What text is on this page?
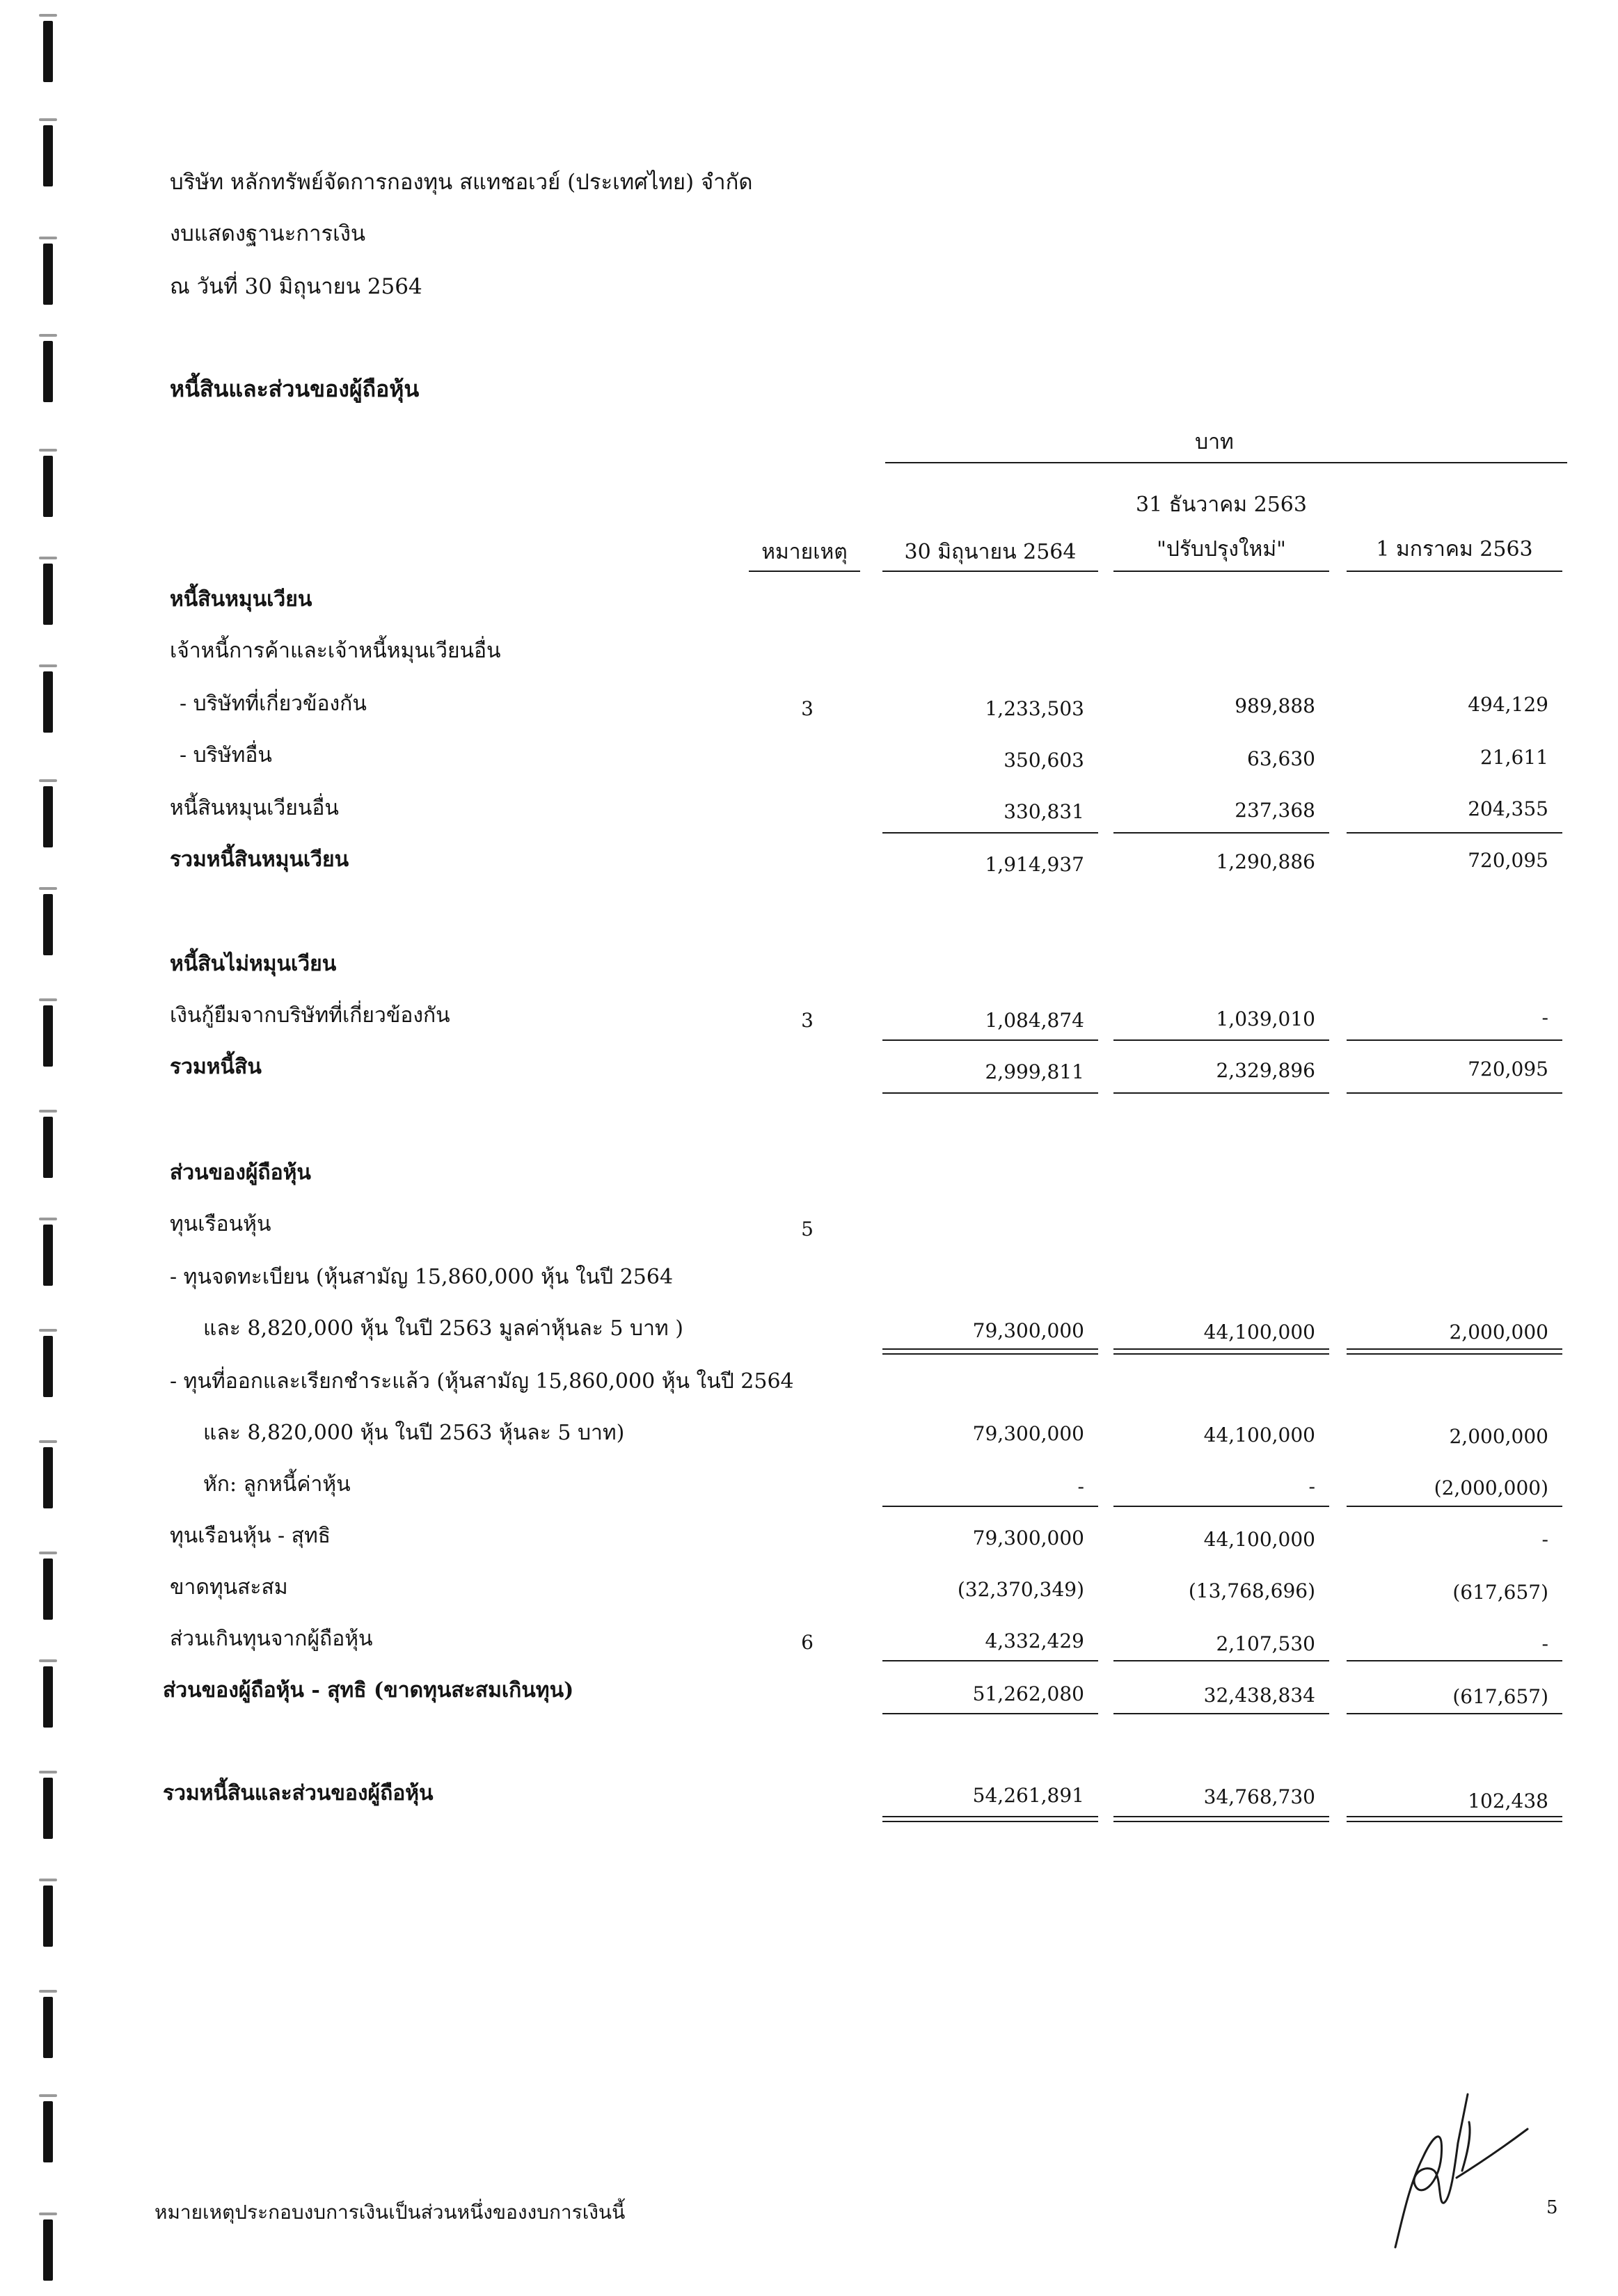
บริษัท หลักทรัพย์จัดการกองทุน สแทชอเวย์ (ประเทศไทย) จำกัด
งบแสดงฐานะการเงิน
ณ วันที่ 30 มิถุนายน 2564
หนี้สินและส่วนของผู้ถือหุ้น
บาท
หมายเหตุ	30 มิถุนายน 2564
31 ธันวาคม 2563
"ปรับปรุงใหม่"	1 มกราคม 2563
หนี้สินหมุนเวียน
เจ้าหนี้การค้าและเจ้าหนี้หมุนเวียนอื่น
- บริษัทที่เกี่ยวข้องกัน	3	1,233,503	989,888	494,129
- บริษัทอื่น	350,603	63,630	21,611
หนี้สินหมุนเวียนอื่น	330,831	237,368	204,355
รวมหนี้สินหมุนเวียน	1,914,937	1,290,886	720,095
หนี้สินไม่หมุนเวียน
เงินกู้ยืมจากบริษัทที่เกี่ยวข้องกัน	3	1,084,874	1,039,010	-
รวมหนี้สิน	2,999,811	2,329,896	720,095
ส่วนของผู้ถือหุ้น
ทุนเรือนหุ้น	5
- ทุนจดทะเบียน (หุ้นสามัญ 15,860,000 หุ้น ในปี 2564
และ 8,820,000 หุ้น ในปี 2563 มูลค่าหุ้นละ 5 บาท )	79,300,000	44,100,000	2,000,000
- ทุนที่ออกและเรียกชำระแล้ว (หุ้นสามัญ 15,860,000 หุ้น ในปี 2564
และ 8,820,000 หุ้น ในปี 2563 หุ้นละ 5 บาท)	79,300,000	44,100,000	2,000,000
หัก: ลูกหนี้ค่าหุ้น	-	-	(2,000,000)
ทุนเรือนหุ้น - สุทธิ	79,300,000	44,100,000	-
ขาดทุนสะสม	(32,370,349)	(13,768,696)	(617,657)
ส่วนเกินทุนจากผู้ถือหุ้น	6	4,332,429	2,107,530	-
ส่วนของผู้ถือหุ้น - สุทธิ (ขาดทุนสะสมเกินทุน)	51,262,080	32,438,834	(617,657)
รวมหนี้สินและส่วนของผู้ถือหุ้น	54,261,891	34,768,730	102,438
หมายเหตุประกอบงบการเงินเป็นส่วนหนึ่งของงบการเงินนี้	5
